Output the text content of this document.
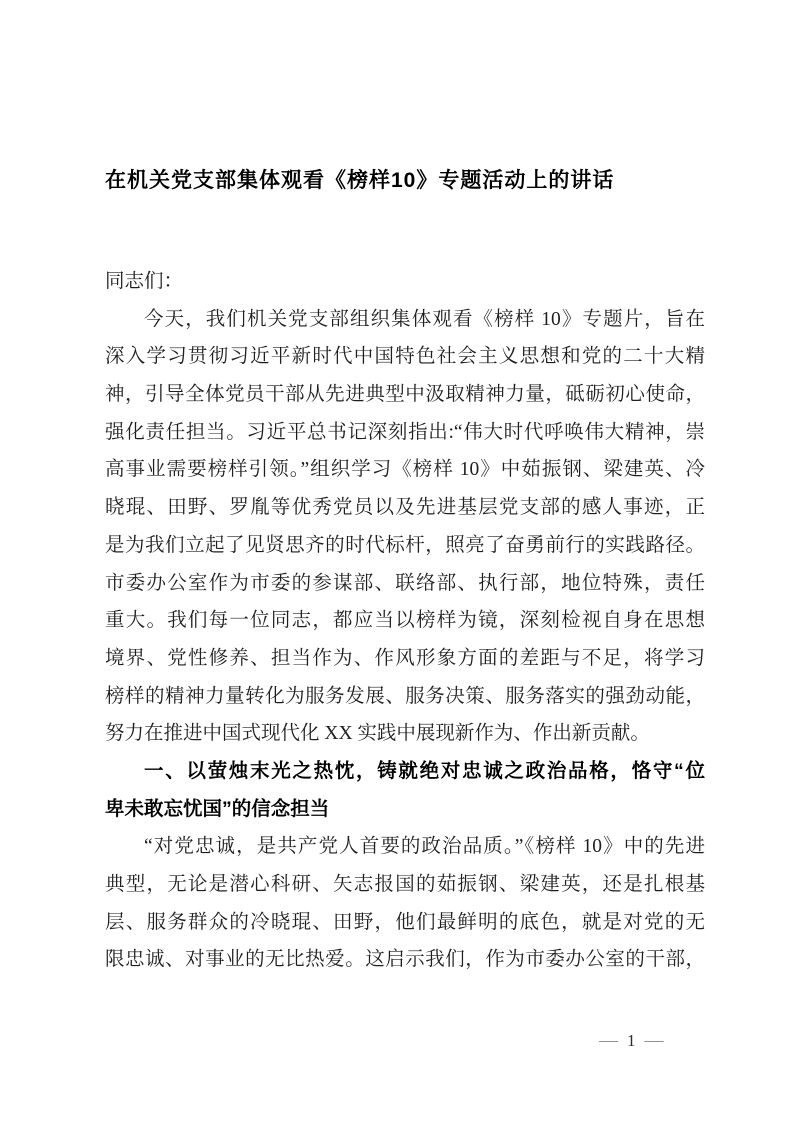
在机关党支部集体观看《榜样10》专题活动上的讲话
同志们：
今天，我们机关党支部组织集体观看《榜样 10》专题片，旨在
深入学习贯彻习近平新时代中国特色社会主义思想和党的二十大精
神，引导全体党员干部从先进典型中汲取精神力量，砥砺初心使命，
强化责任担当。习近平总书记深刻指出:“伟大时代呼唤伟大精神，崇
高事业需要榜样引领。”组织学习《榜样 10》中茹振钢、梁建英、冷
晓琨、田野、罗胤等优秀党员以及先进基层党支部的感人事迹，正
是为我们立起了见贤思齐的时代标杆，照亮了奋勇前行的实践路径。
市委办公室作为市委的参谋部、联络部、执行部，地位特殊，责任
重大。我们每一位同志，都应当以榜样为镜，深刻检视自身在思想
境界、党性修养、担当作为、作风形象方面的差距与不足，将学习
榜样的精神力量转化为服务发展、服务决策、服务落实的强劲动能，
努力在推进中国式现代化 XX 实践中展现新作为、作出新贡献。
一、以萤烛末光之热忱，铸就绝对忠诚之政治品格，恪守“位
卑未敢忘忧国”的信念担当
“对党忠诚，是共产党人首要的政治品质。”《榜样 10》中的先进
典型，无论是潜心科研、矢志报国的茹振钢、梁建英，还是扎根基
层、服务群众的冷晓琨、田野，他们最鲜明的底色，就是对党的无
限忠诚、对事业的无比热爱。这启示我们，作为市委办公室的干部，
— 1 —
